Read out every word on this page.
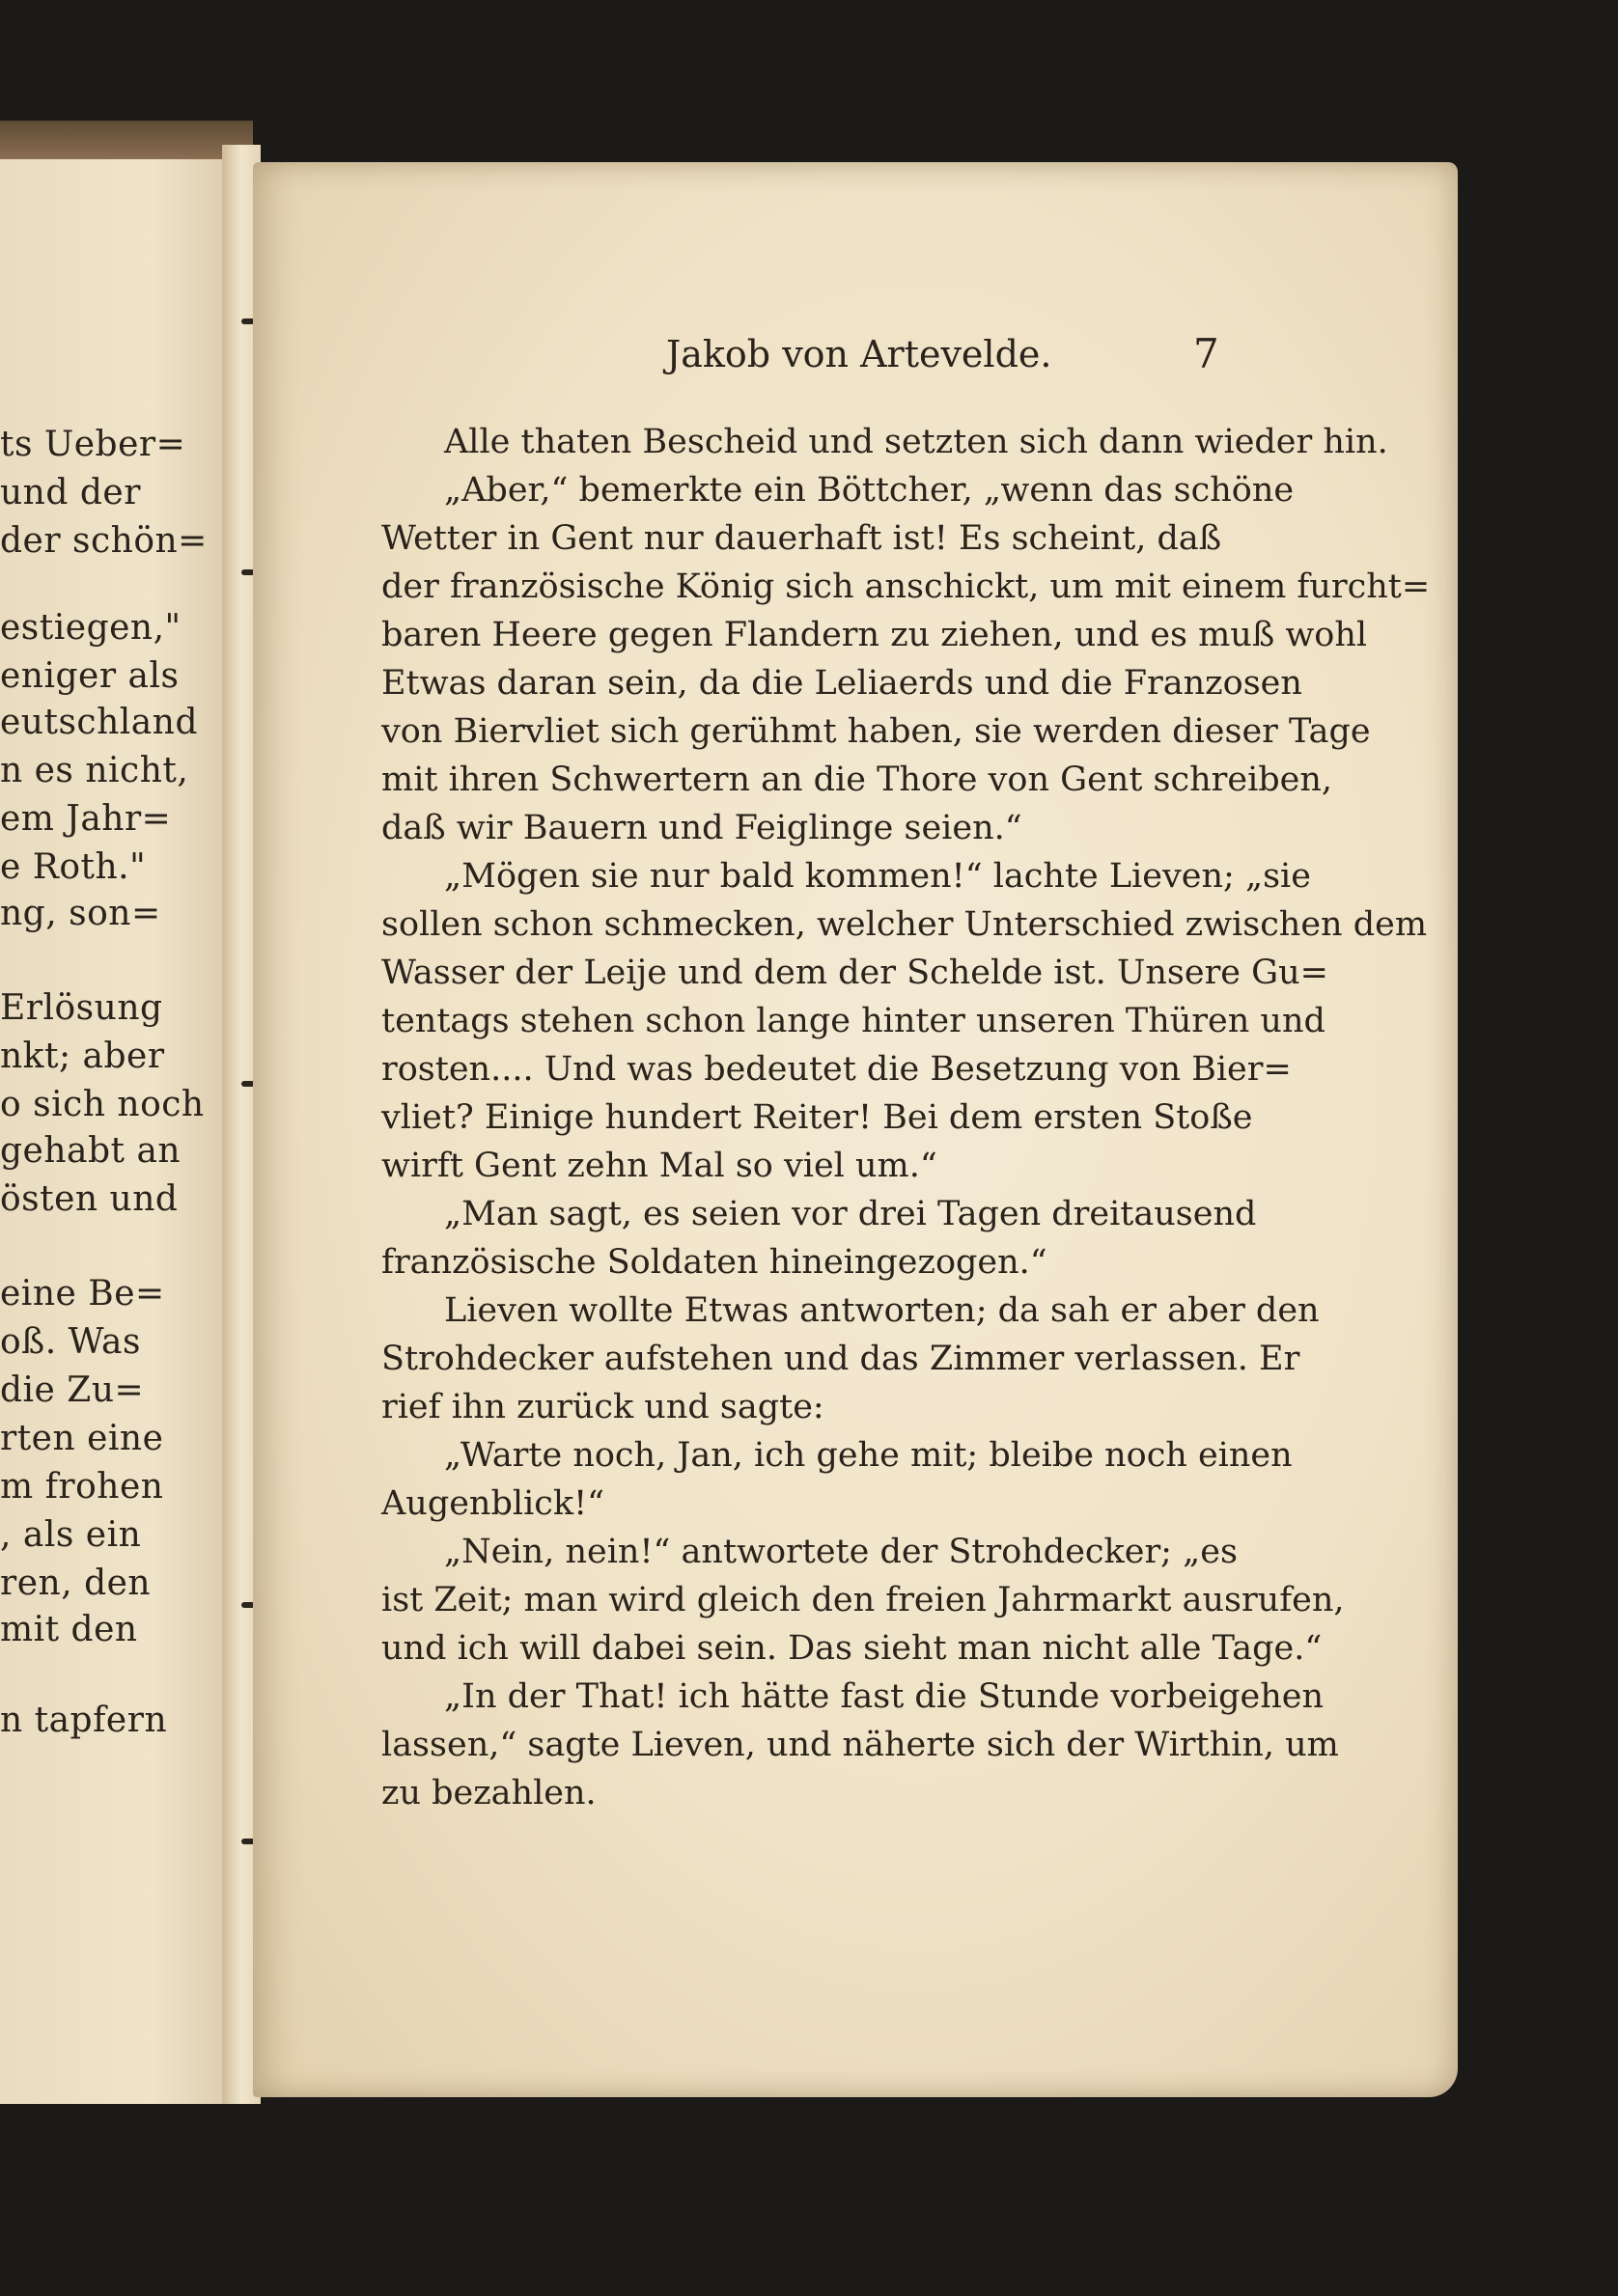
ts Ueber=
und der
der schön=
estiegen,"
eniger als
eutschland
n es nicht,
em Jahr=
e Roth."
ng, son=
Erlösung
nkt; aber
o sich noch
gehabt an
östen und
eine Be=
oß. Was
die Zu=
rten eine
m frohen
, als ein
ren, den
mit den
n tapfern
Jakob von Artevelde.	7
Alle thaten Bescheid und setzten sich dann wieder hin.
„Aber,“ bemerkte ein Böttcher, „wenn das schöne
Wetter in Gent nur dauerhaft ist! Es scheint, daß
der französische König sich anschickt, um mit einem furcht=
baren Heere gegen Flandern zu ziehen, und es muß wohl
Etwas daran sein, da die Leliaerds und die Franzosen
von Biervliet sich gerühmt haben, sie werden dieser Tage
mit ihren Schwertern an die Thore von Gent schreiben,
daß wir Bauern und Feiglinge seien.“
„Mögen sie nur bald kommen!“ lachte Lieven; „sie
sollen schon schmecken, welcher Unterschied zwischen dem
Wasser der Leije und dem der Schelde ist. Unsere Gu=
tentags stehen schon lange hinter unseren Thüren und
rosten.... Und was bedeutet die Besetzung von Bier=
vliet? Einige hundert Reiter! Bei dem ersten Stoße
wirft Gent zehn Mal so viel um.“
„Man sagt, es seien vor drei Tagen dreitausend
französische Soldaten hineingezogen.“
Lieven wollte Etwas antworten; da sah er aber den
Strohdecker aufstehen und das Zimmer verlassen. Er
rief ihn zurück und sagte:
„Warte noch, Jan, ich gehe mit; bleibe noch einen
Augenblick!“
„Nein, nein!“ antwortete der Strohdecker; „es
ist Zeit; man wird gleich den freien Jahrmarkt ausrufen,
und ich will dabei sein. Das sieht man nicht alle Tage.“
„In der That! ich hätte fast die Stunde vorbeigehen
lassen,“ sagte Lieven, und näherte sich der Wirthin, um
zu bezahlen.
